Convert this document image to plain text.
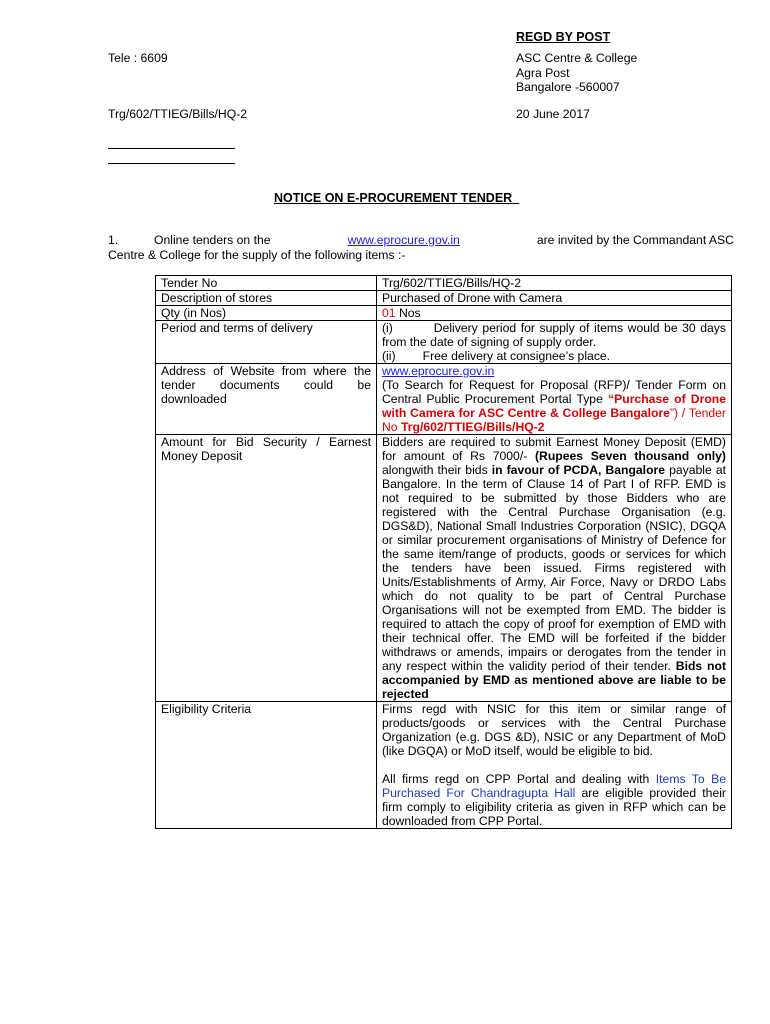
REGD BY POST
Tele : 6609	ASC Centre & College
Agra Post
Bangalore -560007
Trg/602/TTIEG/Bills/HQ-2	20 June 2017
NOTICE ON E-PROCUREMENT TENDER
1.	Online tenders on the	www.eprocure.gov.in	are invited by the Commandant ASC
Centre & College for the supply of the following items :-
Tender No	Trg/602/TTIEG/Bills/HQ-2
Description of stores	Purchased of Drone with Camera
Qty (in Nos)	01 Nos
Period and terms of delivery	(i) Delivery period for supply of items would be 30 days from the date of signing of supply order.

(ii) Free delivery at consignee’s place.

Address of Website from where the tender documents could be downloaded	www.eprocure.gov.in
(To Search for Request for Proposal (RFP)/ Tender Form on Central Public Procurement Portal Type “Purchase of Drone with Camera for ASC Centre & College Bangalore”) / Tender No Trg/602/TTIEG/Bills/HQ-2
Amount for Bid Security / Earnest Money Deposit	Bidders are required to submit Earnest Money Deposit (EMD) for amount of Rs 7000/- (Rupees Seven thousand only) alongwith their bids in favour of PCDA, Bangalore payable at Bangalore. In the term of Clause 14 of Part I of RFP. EMD is not required to be submitted by those Bidders who are registered with the Central Purchase Organisation (e.g. DGS&D), National Small Industries Corporation (NSIC), DGQA or similar procurement organisations of Ministry of Defence for the same item/range of products, goods or services for which the tenders have been issued. Firms registered with Units/Establishments of Army, Air Force, Navy or DRDO Labs which do not quality to be part of Central Purchase Organisations will not be exempted from EMD. The bidder is required to attach the copy of proof for exemption of EMD with their technical offer. The EMD will be forfeited if the bidder withdraws or amends, impairs or derogates from the tender in any respect within the validity period of their tender. Bids not accompanied by EMD as mentioned above are liable to be rejected
Eligibility Criteria	Firms regd with NSIC for this item or similar range of products/goods or services with the Central Purchase Organization (e.g. DGS &D), NSIC or any Department of MoD (like DGQA) or MoD itself, would be eligible to bid.

All firms regd on CPP Portal and dealing with Items To Be Purchased For Chandragupta Hall are eligible provided their firm comply to eligibility criteria as given in RFP which can be downloaded from CPP Portal.
